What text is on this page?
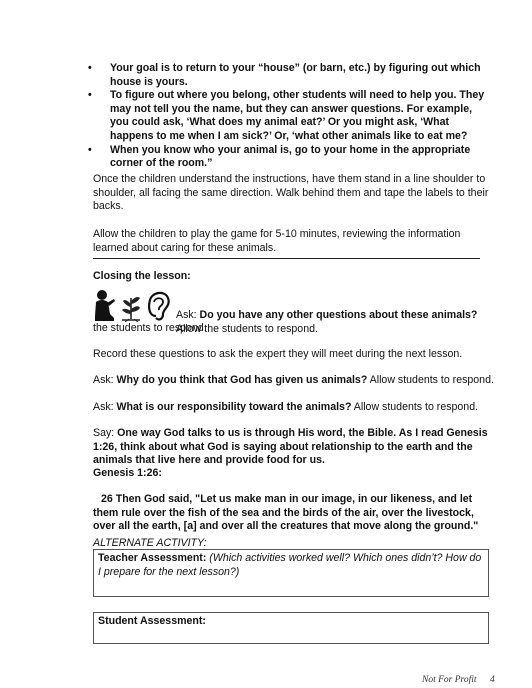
• Your goal is to return to your “house” (or barn, etc.) by figuring out which house is yours.
• To figure out where you belong, other students will need to help you. They may not tell you the name, but they can answer questions. For example, you could ask, ‘What does my animal eat?’ Or you might ask, ‘What happens to me when I am sick?’ Or, ‘what other animals like to eat me?
• When you know who your animal is, go to your home in the appropriate corner of the room.”

Once the children understand the instructions, have them stand in a line shoulder to shoulder, all facing the same direction. Walk behind them and tape the labels to their backs.

Allow the children to play the game for 5-10 minutes, reviewing the information learned about caring for these animals.

Closing the lesson:

Ask: Do you have any other questions about these animals? Allow the students to respond.

the students to respond.

Record these questions to ask the expert they will meet during the next lesson.

Ask: Why do you think that God has given us animals? Allow students to respond.

Ask: What is our responsibility toward the animals? Allow students to respond.

Say: One way God talks to us is through His word, the Bible. As I read Genesis 1:26, think about what God is saying about relationship to the earth and the animals that live here and provide food for us.

Genesis 1:26:

26 Then God said, "Let us make man in our image, in our likeness, and let them rule over the fish of the sea and the birds of the air, over the livestock, over all the earth, [a] and over all the creatures that move along the ground."

ALTERNATE ACTIVITY:

Teacher Assessment: (Which activities worked well? Which ones didn’t? How do I prepare for the next lesson?)
Student Assessment:
Not For Profit 4
